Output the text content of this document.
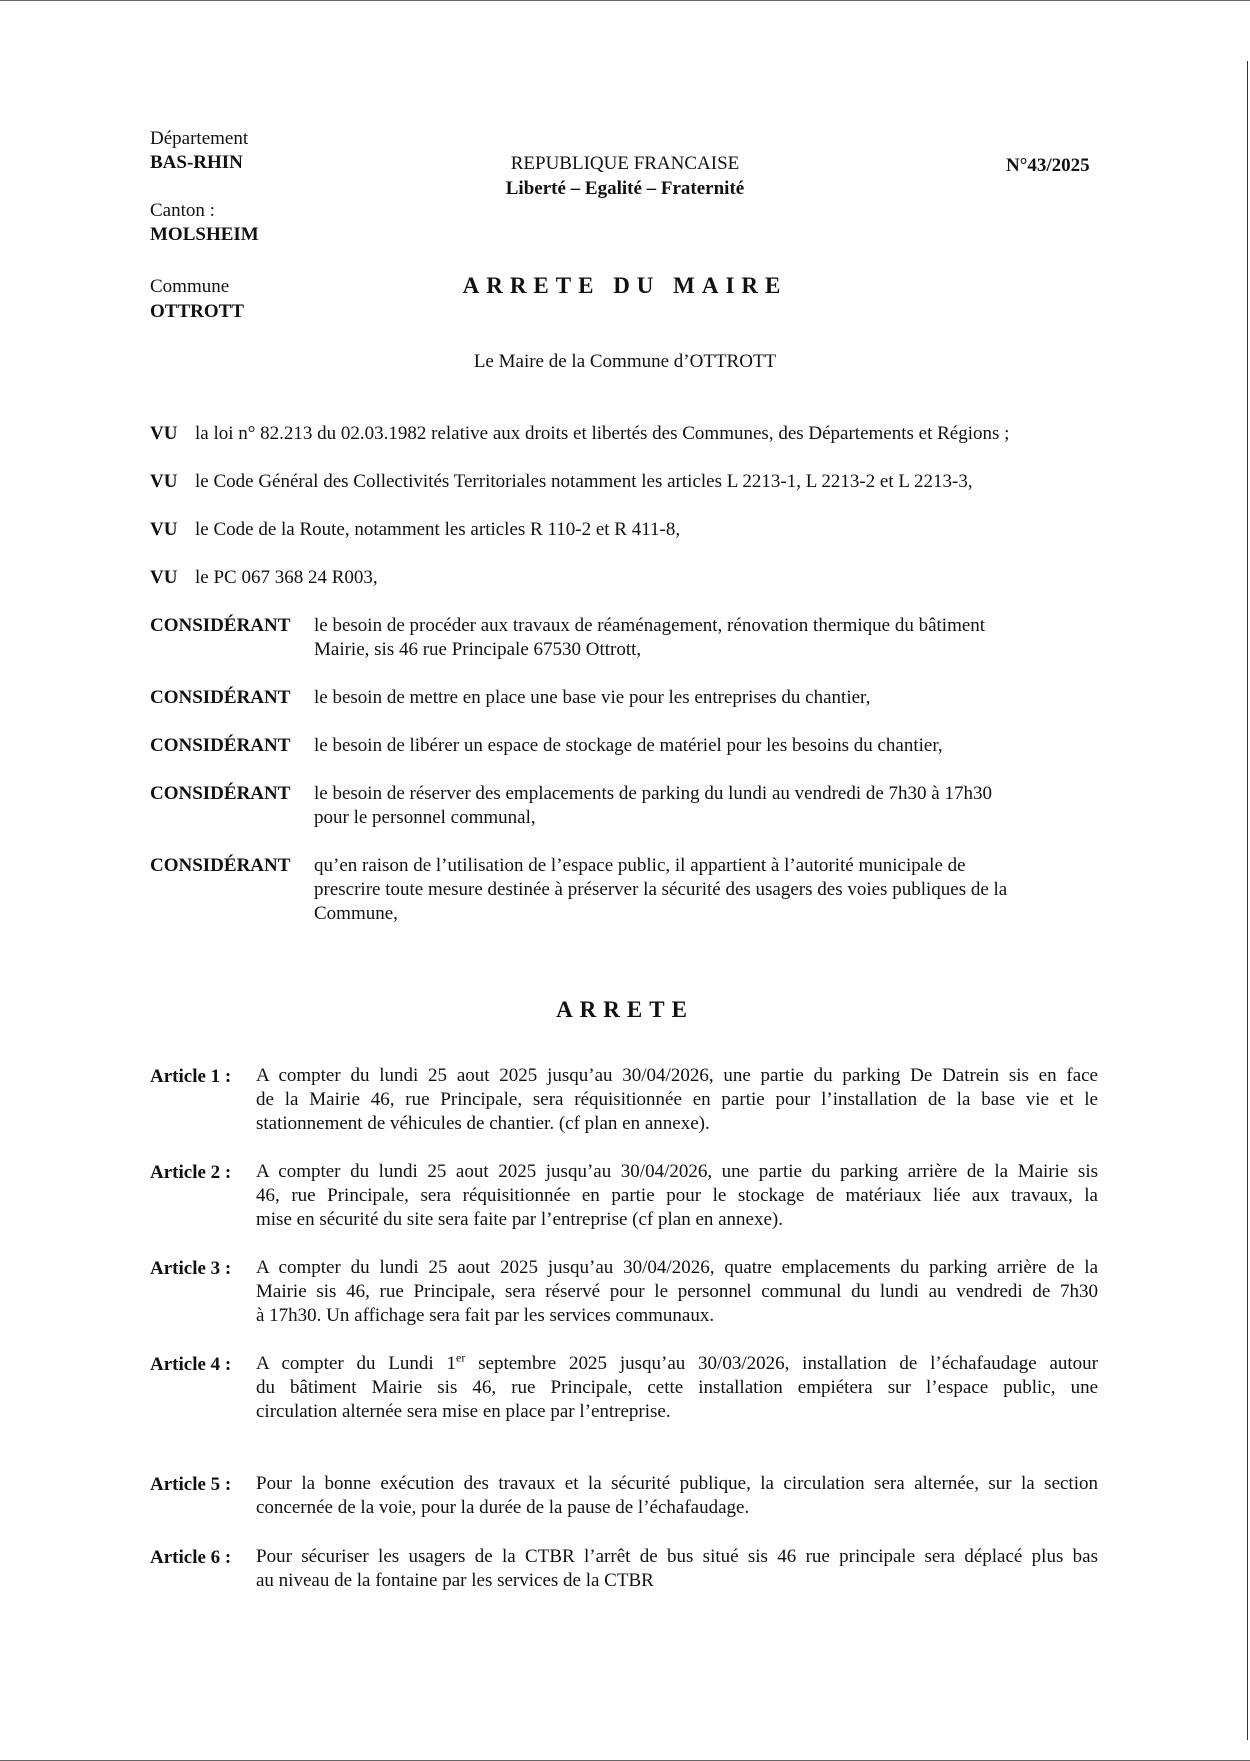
Département
BAS-RHIN
Canton :
MOLSHEIM
Commune
OTTROTT
REPUBLIQUE FRANCAISE
Liberté – Egalité – Fraternité
N°43/2025
ARRETE DU MAIRE
Le Maire de la Commune d’OTTROTT
VU la loi n° 82.213 du 02.03.1982 relative aux droits et libertés des Communes, des Départements et Régions ;
VU le Code Général des Collectivités Territoriales notamment les articles L 2213-1, L 2213-2 et L 2213-3,
VU le Code de la Route, notamment les articles R 110-2 et R 411-8,
VU le PC 067 368 24 R003,
CONSIDÉRANT le besoin de procéder aux travaux de réaménagement, rénovation thermique du bâtiment
Mairie, sis 46 rue Principale 67530 Ottrott,
CONSIDÉRANT le besoin de mettre en place une base vie pour les entreprises du chantier,
CONSIDÉRANT le besoin de libérer un espace de stockage de matériel pour les besoins du chantier,
CONSIDÉRANT le besoin de réserver des emplacements de parking du lundi au vendredi de 7h30 à 17h30
pour le personnel communal,
CONSIDÉRANT qu’en raison de l’utilisation de l’espace public, il appartient à l’autorité municipale de
prescrire toute mesure destinée à préserver la sécurité des usagers des voies publiques de la
Commune,
ARRETE
Article 1 : A compter du lundi 25 aout 2025 jusqu’au 30/04/2026, une partie du parking De Datrein sis en face
de la Mairie 46, rue Principale, sera réquisitionnée en partie pour l’installation de la base vie et le
stationnement de véhicules de chantier. (cf plan en annexe).
Article 2 : A compter du lundi 25 aout 2025 jusqu’au 30/04/2026, une partie du parking arrière de la Mairie sis
46, rue Principale, sera réquisitionnée en partie pour le stockage de matériaux liée aux travaux, la
mise en sécurité du site sera faite par l’entreprise (cf plan en annexe).
Article 3 : A compter du lundi 25 aout 2025 jusqu’au 30/04/2026, quatre emplacements du parking arrière de la
Mairie sis 46, rue Principale, sera réservé pour le personnel communal du lundi au vendredi de 7h30
à 17h30. Un affichage sera fait par les services communaux.
Article 4 : A compter du Lundi 1er septembre 2025 jusqu’au 30/03/2026, installation de l’échafaudage autour
du bâtiment Mairie sis 46, rue Principale, cette installation empiétera sur l’espace public, une
circulation alternée sera mise en place par l’entreprise.
Article 5 : Pour la bonne exécution des travaux et la sécurité publique, la circulation sera alternée, sur la section
concernée de la voie, pour la durée de la pause de l’échafaudage.
Article 6 : Pour sécuriser les usagers de la CTBR l’arrêt de bus situé sis 46 rue principale sera déplacé plus bas
au niveau de la fontaine par les services de la CTBR
